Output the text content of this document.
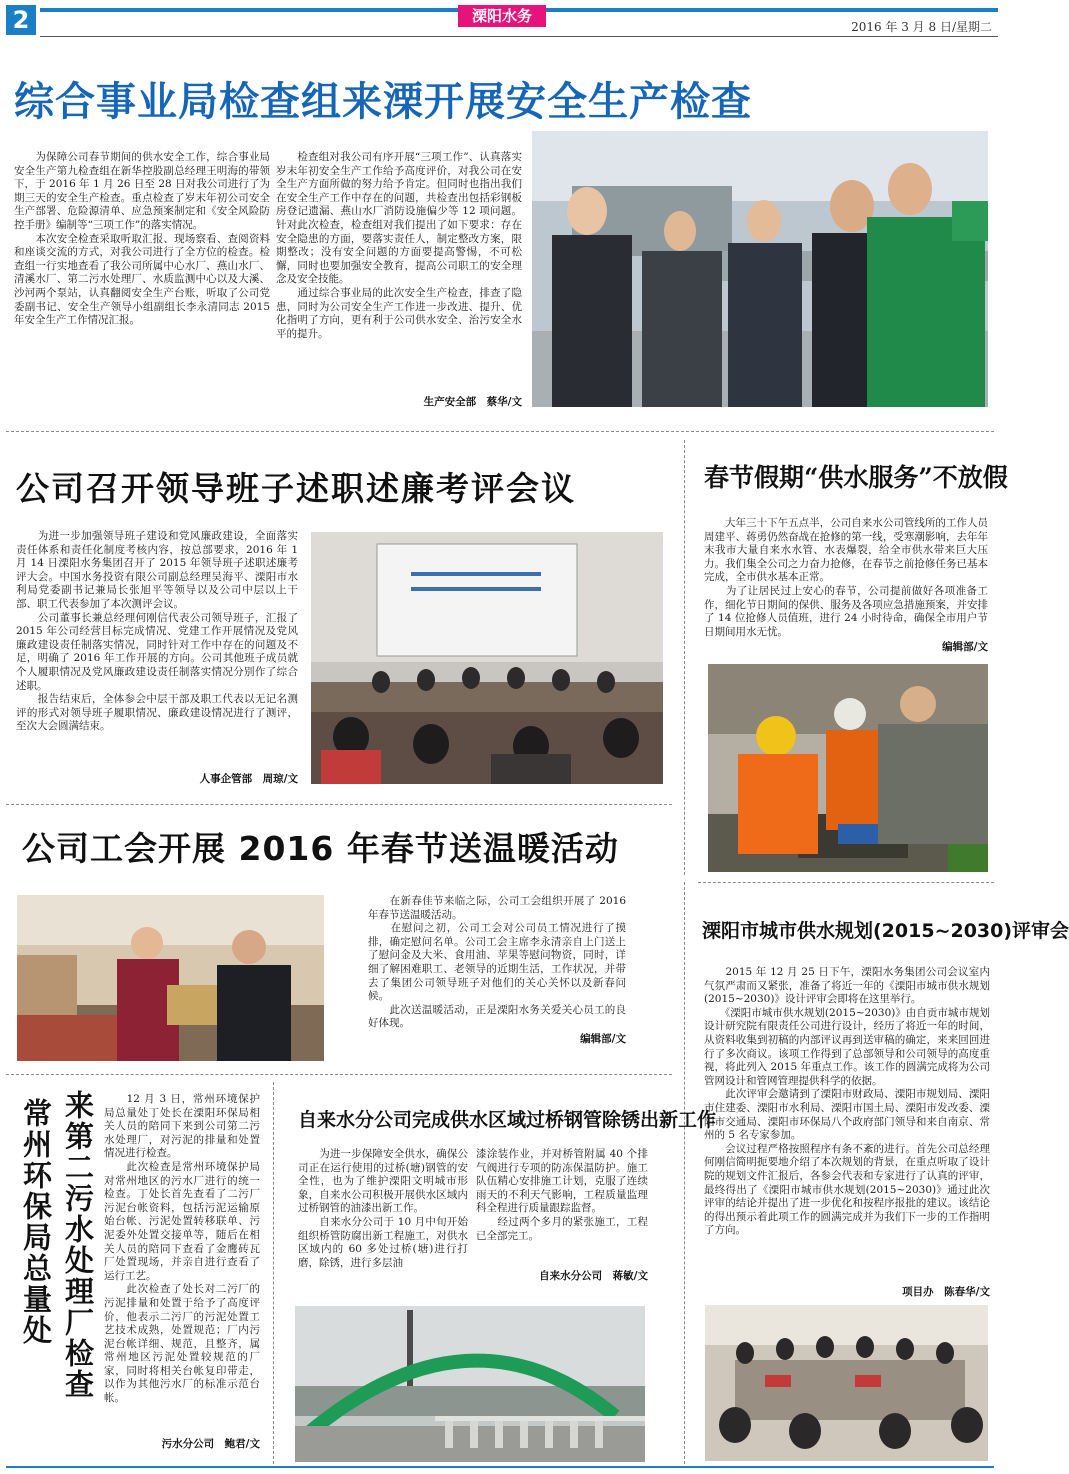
2	溧阳水务
2016 年 3 月 8 日/星期二
综合事业局检查组来溧开展安全生产检查

　　为保障公司春节期间的供水安全工作，综合事业局安全生产第九检查组在新华控股副总经理王明海的带领下，于 2016 年 1 月 26 日至 28 日对我公司进行了为期三天的安全生产检查。重点检查了岁末年初公司安全生产部署、危险源清单、应急预案制定和《安全风险防控手册》编制等“三项工作”的落实情况。
　　本次安全检查采取听取汇报、现场察看、查阅资料和座谈交流的方式，对我公司进行了全方位的检查。检查组一行实地查看了我公司所属中心水厂、燕山水厂、清溪水厂、第二污水处理厂、水质监测中心以及大溪、沙河两个泵站，认真翻阅安全生产台账，听取了公司党委副书记、安全生产领导小组副组长李永清同志 2015 年安全生产工作情况汇报。

　　检查组对我公司有序开展“三项工作”、认真落实岁末年初安全生产工作给予高度评价，对我公司在安全生产方面所做的努力给予肯定。但同时也指出我们在安全生产工作中存在的问题，共检查出包括彩钢板房登记遗漏、燕山水厂消防设施偏少等 12 项问题。针对此次检查，检查组对我们提出了如下要求：存在安全隐患的方面，要落实责任人，制定整改方案，限期整改；没有安全问题的方面要提高警惕，不可松懈，同时也要加强安全教育，提高公司职工的安全理念及安全技能。
　　通过综合事业局的此次安全生产检查，排查了隐患，同时为公司安全生产工作进一步改进、提升、优化指明了方向，更有利于公司供水安全、治污安全水平的提升。

生产安全部　蔡华/文
公司召开领导班子述职述廉考评会议

　　为进一步加强领导班子建设和党风廉政建设，全面落实责任体系和责任化制度考核内容，按总部要求，2016 年 1 月 14 日溧阳水务集团召开了 2015 年领导班子述职述廉考评大会。中国水务投资有限公司副总经理吴海平、溧阳市水利局党委副书记兼局长张旭平等领导以及公司中层以上干部、职工代表参加了本次测评会议。
　　公司董事长兼总经理何刚信代表公司领导班子，汇报了 2015 年公司经营目标完成情况、党建工作开展情况及党风廉政建设责任制落实情况，同时针对工作中存在的问题及不足，明确了 2016 年工作开展的方向。公司其他班子成员就个人履职情况及党风廉政建设责任制落实情况分别作了综合述职。
　　报告结束后，全体参会中层干部及职工代表以无记名测评的形式对领导班子履职情况、廉政建设情况进行了测评，至次大会圆满结束。

人事企管部　周琼/文
春节假期“供水服务”不放假

　　大年三十下午五点半，公司自来水公司管线所的工作人员周建平、蒋勇仍然奋战在抢修的第一线，受寒潮影响，去年年末我市大量自来水水管、水表爆裂，给全市供水带来巨大压力。我们集全公司之力奋力抢修，在春节之前抢修任务已基本完成，全市供水基本正常。
　　为了让居民过上安心的春节，公司提前做好各项准备工作，细化节日期间的保供、服务及各项应急措施预案，并安排了 14 位抢修人员值班，进行 24 小时待命，确保全市用户节日期间用水无忧。

编辑部/文
公司工会开展 2016 年春节送温暖活动

　　在新春佳节来临之际，公司工会组织开展了 2016 年春节送温暖活动。
　　在慰问之初，公司工会对公司员工情况进行了摸排，确定慰问名单。公司工会主席李永清亲自上门送上了慰问金及大米、食用油、苹果等慰问物资，同时，详细了解困难职工、老领导的近期生活，工作状况，并带去了集团公司领导班子对他们的关心关怀以及新春问候。
　　此次送温暖活动，正是溧阳水务关爱关心员工的良好体现。

编辑部/文
溧阳市城市供水规划(2015~2030)评审会

　　2015 年 12 月 25 日下午，溧阳水务集团公司会议室内气氛严肃而又紧张，准备了将近一年的《溧阳市城市供水规划(2015~2030)》设计评审会即将在这里举行。
　　《溧阳市城市供水规划(2015~2030)》由自贡市城市规划设计研究院有限责任公司进行设计，经历了将近一年的时间，从资料收集到初稿的内部评议再到送审稿的确定，来来回回进行了多次商议。该项工作得到了总部领导和公司领导的高度重视，将此列入 2015 年重点工作。该工作的圆满完成将为公司管网设计和管网管理提供科学的依据。
　　此次评审会邀请到了溧阳市财政局、溧阳市规划局、溧阳市住建委、溧阳市水利局、溧阳市国土局、溧阳市发改委、溧阳市交通局、溧阳市环保局八个政府部门领导和来自南京、常州的 5 名专家参加。
　　会议过程严格按照程序有条不紊的进行。首先公司总经理何刚信简明扼要地介绍了本次规划的背景，在重点听取了设计院的规划文件汇报后，各参会代表和专家进行了认真的评审，最终得出了《溧阳市城市供水规划(2015~2030)》通过此次评审的结论并提出了进一步优化和按程序报批的建议。该结论的得出预示着此项工作的圆满完成并为我们下一步的工作指明了方向。

项目办　陈春华/文
常州环保局总量处 来第二污水处理厂检查	　　12 月 3 日，常州环境保护局总量处丁处长在溧阳环保局相关人员的陪同下来到公司第二污水处理厂，对污泥的排量和处置情况进行检查。
　　此次检查是常州环境保护局对常州地区的污水厂进行的统一检查。丁处长首先查看了二污厂污泥台帐资料，包括污泥运输原始台帐、污泥处置转移联单、污泥委外处置交接单等，随后在相关人员的陪同下查看了金鹰砖瓦厂处置现场，并亲自进行查看了运行工艺。
　　此次检查了处长对二污厂的污泥排量和处置于给予了高度评价，他表示二污厂的污泥处置工艺技术成熟，处置规范；厂内污泥台帐详细、规范，且整齐，属常州地区污泥处置较规范的厂家，同时将相关台帐复印带走，以作为其他污水厂的标准示范台帐。

污水分公司　鲍君/文
自来水分公司完成供水区域过桥钢管除锈出新工作

　　为进一步保障安全供水，确保公司正在运行使用的过桥(塘)钢管的安全性，也为了维护溧阳文明城市形象，自来水公司积极开展供水区域内过桥钢管的油漆出新工作。
　　自来水分公司于 10 月中旬开始组织桥管防腐出新工程施工，对供水区域内的 60 多处过桥(塘)进行打磨，除锈，进行多层油

漆涂装作业，并对桥管附属 40 个排气阀进行专项的防冻保温防护。施工队伍精心安排施工计划，克服了连续雨天的不利天气影响，工程质量监理科全程进行质量跟踪监督。
　　经过两个多月的紧张施工，工程已全部完工。

自来水分公司　蒋敏/文
